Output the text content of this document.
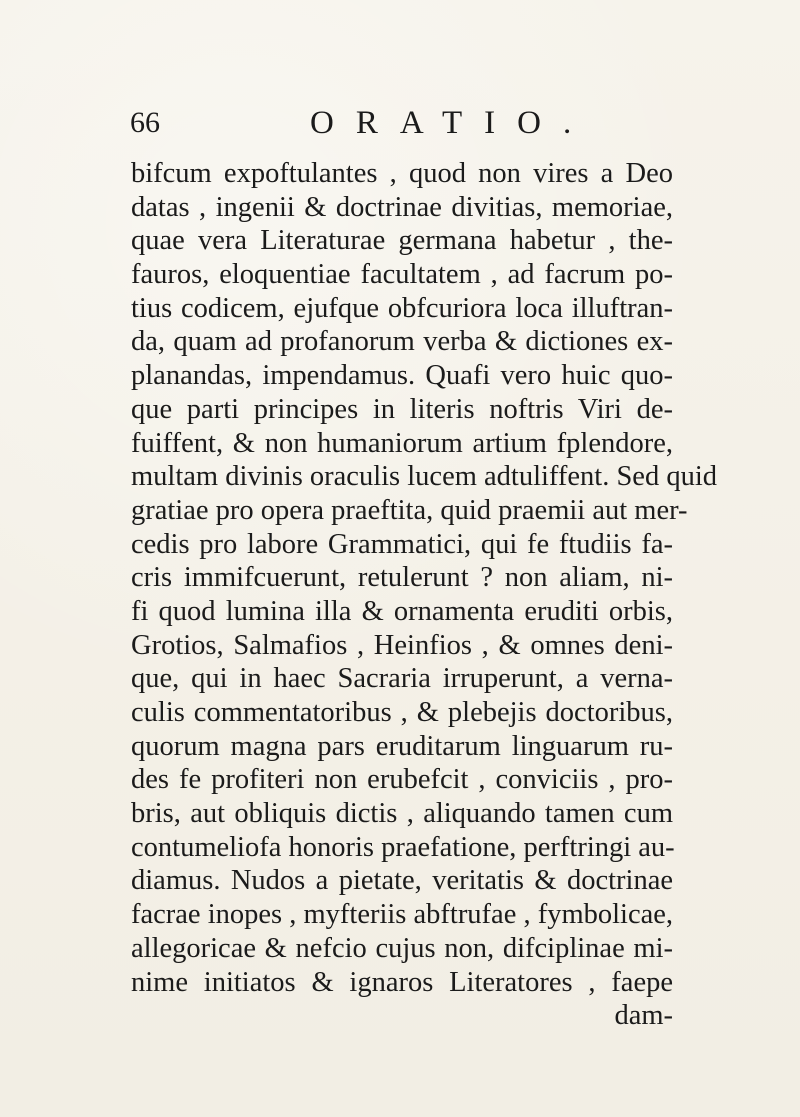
66	ORATIO.
bifcum expoftulantes , quod non vires a Deo
datas , ingenii & doctrinae divitias, memoriae,
quae vera Literaturae germana habetur , the-
fauros, eloquentiae facultatem , ad facrum po-
tius codicem, ejufque obfcuriora loca illuftran-
da, quam ad profanorum verba & dictiones ex-
planandas, impendamus. Quafi vero huic quo-
que parti principes in literis noftris Viri de-
fuiffent, & non humaniorum artium fplendore,
multam divinis oraculis lucem adtuliffent. Sed quid
gratiae pro opera praeftita, quid praemii aut mer-
cedis pro labore Grammatici, qui fe ftudiis fa-
cris immifcuerunt, retulerunt ? non aliam, ni-
fi quod lumina illa & ornamenta eruditi orbis,
Grotios, Salmafios , Heinfios , & omnes deni-
que, qui in haec Sacraria irruperunt, a verna-
culis commentatoribus , & plebejis doctoribus,
quorum magna pars eruditarum linguarum ru-
des fe profiteri non erubefcit , conviciis , pro-
bris, aut obliquis dictis , aliquando tamen cum
contumeliofa honoris praefatione, perftringi au-
diamus. Nudos a pietate, veritatis & doctrinae
facrae inopes , myfteriis abftrufae , fymbolicae,
allegoricae & nefcio cujus non, difciplinae mi-
nime initiatos & ignaros Literatores , faepe
dam-
